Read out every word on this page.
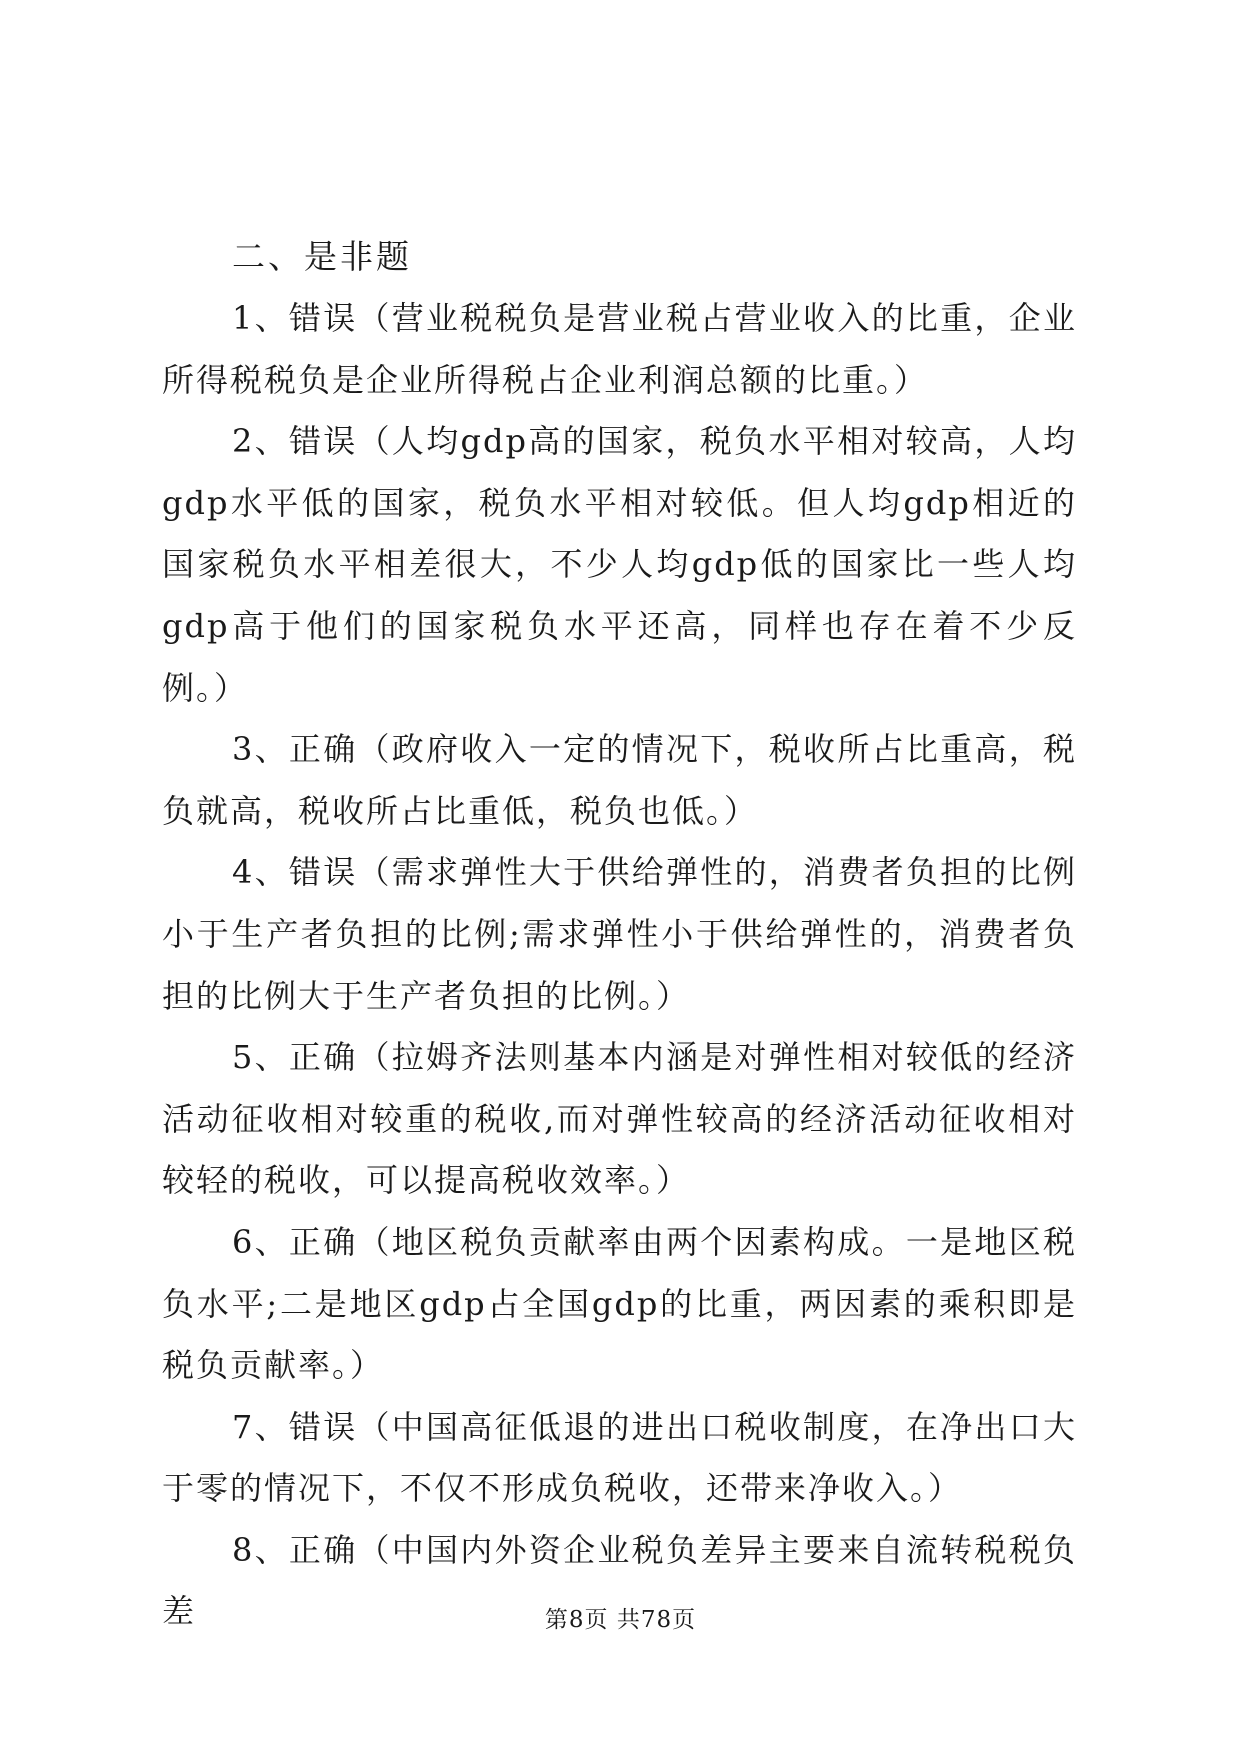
二、是非题

1、错误（营业税税负是营业税占营业收入的比重，企业所得税税负是企业所得税占企业利润总额的比重。）

2、错误（人均gdp高的国家，税负水平相对较高，人均gdp水平低的国家，税负水平相对较低。但人均gdp相近的国家税负水平相差很大，不少人均gdp低的国家比一些人均gdp高于他们的国家税负水平还高，同样也存在着不少反例。）

3、正确（政府收入一定的情况下，税收所占比重高，税负就高，税收所占比重低，税负也低。）

4、错误（需求弹性大于供给弹性的，消费者负担的比例小于生产者负担的比例;需求弹性小于供给弹性的，消费者负担的比例大于生产者负担的比例。）

5、正确（拉姆齐法则基本内涵是对弹性相对较低的经济活动征收相对较重的税收,而对弹性较高的经济活动征收相对较轻的税收，可以提高税收效率。）

6、正确（地区税负贡献率由两个因素构成。一是地区税负水平;二是地区gdp占全国gdp的比重，两因素的乘积即是税负贡献率。）

7、错误（中国高征低退的进出口税收制度，在净出口大于零的情况下，不仅不形成负税收，还带来净收入。）

8、正确（中国内外资企业税负差异主要来自流转税税负差	第8页 共78页
